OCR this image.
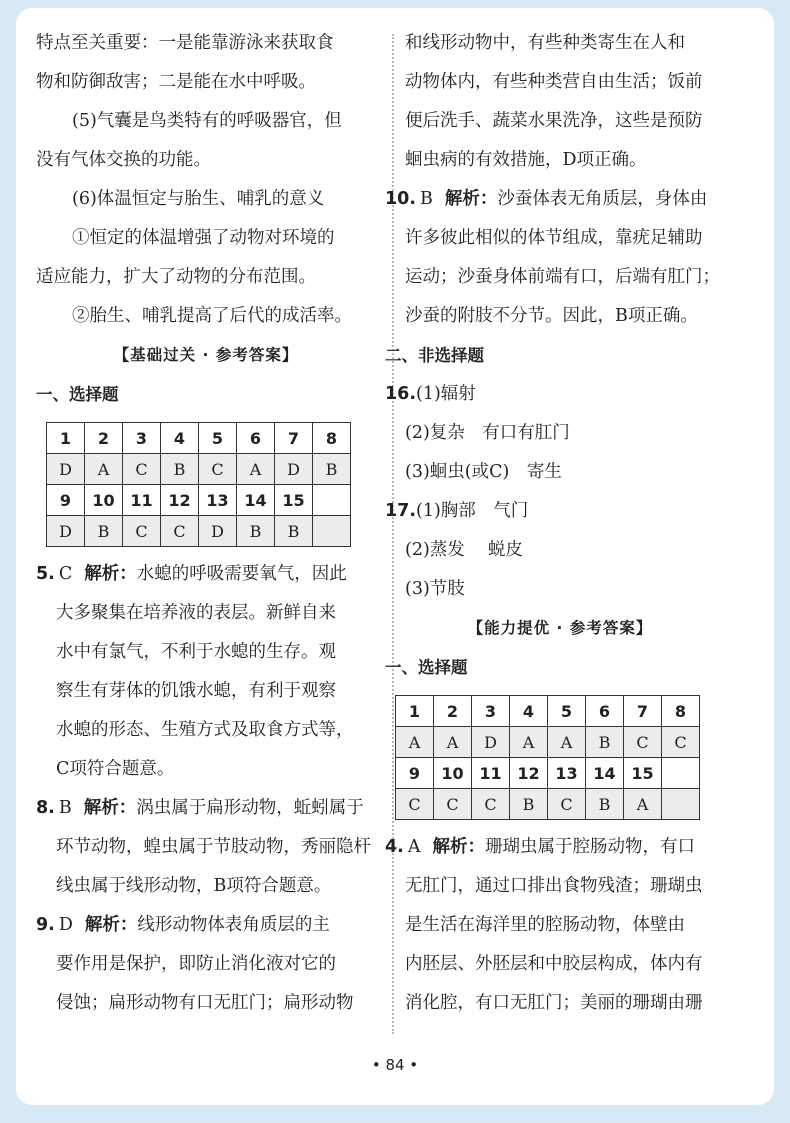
特点至关重要：一是能靠游泳来获取食
物和防御敌害；二是能在水中呼吸。
(5)气囊是鸟类特有的呼吸器官，但
没有气体交换的功能。
(6)体温恒定与胎生、哺乳的意义
①恒定的体温增强了动物对环境的
适应能力，扩大了动物的分布范围。
②胎生、哺乳提高了后代的成活率。
【基础过关 · 参考答案】
一、选择题
1	2	3	4	5	6	7	8
D	A	C	B	C	A	D	B
9	10	11	12	13	14	15	
D	B	C	C	D	B	B	
5. C 解析：水螅的呼吸需要氧气，因此
大多聚集在培养液的表层。新鲜自来
水中有氯气，不利于水螅的生存。观
察生有芽体的饥饿水螅，有利于观察
水螅的形态、生殖方式及取食方式等，
C项符合题意。
8. B 解析：涡虫属于扁形动物，蚯蚓属于
环节动物，蝗虫属于节肢动物，秀丽隐杆
线虫属于线形动物，B项符合题意。
9. D 解析：线形动物体表角质层的主
要作用是保护，即防止消化液对它的
侵蚀；扁形动物有口无肛门；扁形动物
和线形动物中，有些种类寄生在人和
动物体内，有些种类营自由生活；饭前
便后洗手、蔬菜水果洗净，这些是预防
蛔虫病的有效措施，D项正确。
10. B 解析：沙蚕体表无角质层，身体由
许多彼此相似的体节组成，靠疣足辅助
运动；沙蚕身体前端有口，后端有肛门；
沙蚕的附肢不分节。因此，B项正确。
二、非选择题
16.(1)辐射
(2)复杂　有口有肛门
(3)蛔虫(或C)　寄生
17.(1)胸部　气门
(2)蒸发　 蜕皮
(3)节肢
【能力提优 · 参考答案】
一、选择题
1	2	3	4	5	6	7	8
A	A	D	A	A	B	C	C
9	10	11	12	13	14	15	
C	C	C	B	C	B	A	
4. A 解析：珊瑚虫属于腔肠动物，有口
无肛门，通过口排出食物残渣；珊瑚虫
是生活在海洋里的腔肠动物，体壁由
内胚层、外胚层和中胶层构成，体内有
消化腔，有口无肛门；美丽的珊瑚由珊
• 84 •
